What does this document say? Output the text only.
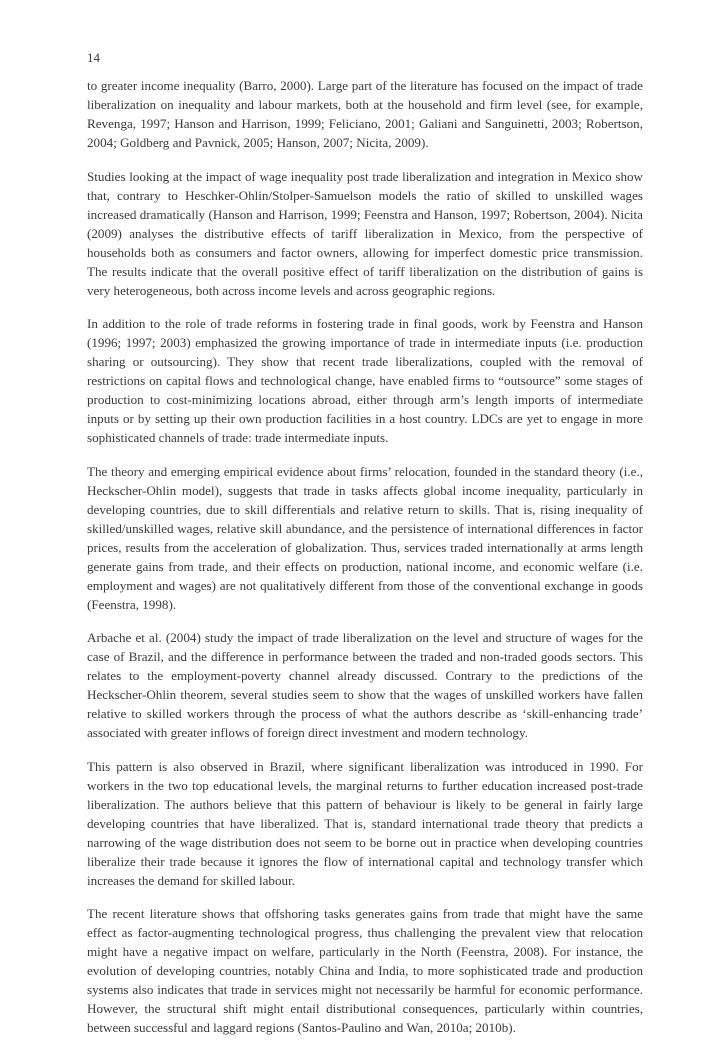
14

to greater income inequality (Barro, 2000). Large part of the literature has focused on the impact of trade liberalization on inequality and labour markets, both at the household and firm level (see, for example, Revenga, 1997; Hanson and Harrison, 1999; Feliciano, 2001; Galiani and Sanguinetti, 2003; Robertson, 2004; Goldberg and Pavnick, 2005; Hanson, 2007; Nicita, 2009).

Studies looking at the impact of wage inequality post trade liberalization and integration in Mexico show that, contrary to Heschker-Ohlin/Stolper-Samuelson models the ratio of skilled to unskilled wages increased dramatically (Hanson and Harrison, 1999; Feenstra and Hanson, 1997; Robertson, 2004). Nicita (2009) analyses the distributive effects of tariff liberalization in Mexico, from the perspective of households both as consumers and factor owners, allowing for imperfect domestic price transmission. The results indicate that the overall positive effect of tariff liberalization on the distribution of gains is very heterogeneous, both across income levels and across geographic regions.

In addition to the role of trade reforms in fostering trade in final goods, work by Feenstra and Hanson (1996; 1997; 2003) emphasized the growing importance of trade in intermediate inputs (i.e. production sharing or outsourcing). They show that recent trade liberalizations, coupled with the removal of restrictions on capital flows and technological change, have enabled firms to “outsource” some stages of production to cost-minimizing locations abroad, either through arm’s length imports of intermediate inputs or by setting up their own production facilities in a host country. LDCs are yet to engage in more sophisticated channels of trade: trade intermediate inputs.

The theory and emerging empirical evidence about firms’ relocation, founded in the standard theory (i.e., Heckscher-Ohlin model), suggests that trade in tasks affects global income inequality, particularly in developing countries, due to skill differentials and relative return to skills. That is, rising inequality of skilled/unskilled wages, relative skill abundance, and the persistence of international differences in factor prices, results from the acceleration of globalization. Thus, services traded internationally at arms length generate gains from trade, and their effects on production, national income, and economic welfare (i.e. employment and wages) are not qualitatively different from those of the conventional exchange in goods (Feenstra, 1998).

Arbache et al. (2004) study the impact of trade liberalization on the level and structure of wages for the case of Brazil, and the difference in performance between the traded and non-traded goods sectors. This relates to the employment-poverty channel already discussed. Contrary to the predictions of the Heckscher-Ohlin theorem, several studies seem to show that the wages of unskilled workers have fallen relative to skilled workers through the process of what the authors describe as ‘skill-enhancing trade’ associated with greater inflows of foreign direct investment and modern technology.

This pattern is also observed in Brazil, where significant liberalization was introduced in 1990. For workers in the two top educational levels, the marginal returns to further education increased post-trade liberalization. The authors believe that this pattern of behaviour is likely to be general in fairly large developing countries that have liberalized. That is, standard international trade theory that predicts a narrowing of the wage distribution does not seem to be borne out in practice when developing countries liberalize their trade because it ignores the flow of international capital and technology transfer which increases the demand for skilled labour.

The recent literature shows that offshoring tasks generates gains from trade that might have the same effect as factor-augmenting technological progress, thus challenging the prevalent view that relocation might have a negative impact on welfare, particularly in the North (Feenstra, 2008). For instance, the evolution of developing countries, notably China and India, to more sophisticated trade and production systems also indicates that trade in services might not necessarily be harmful for economic performance. However, the structural shift might entail distributional consequences, particularly within countries, between successful and laggard regions (Santos-Paulino and Wan, 2010a; 2010b).
